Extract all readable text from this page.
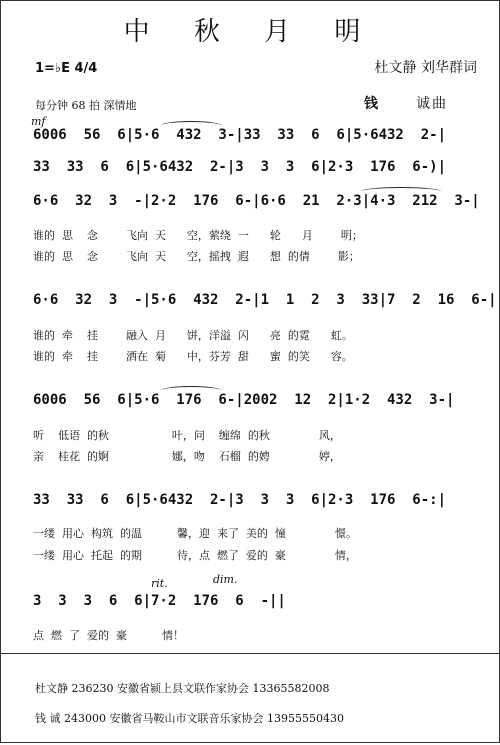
中 秋 月 明
1=♭E 4/4	杜文静 刘华群词
每分钟 68 拍 深情地	钱	诚曲
mf
6006  56  6|5·6  432  3-|33  33  6  6|5·6432  2-|
33  33  6  6|5·6432  2-|3  3  3  6|2·3  176  6-)|
6·6  32  3  -|2·2  176  6-|6·6  21  2·3|4·3  212  3-|
谁的  思    念        飞向  天      空，萦绕  一      轮      月        明；
谁的  思    念        飞向  天      空，摇拽  遐      想  的倩        影；
6·6  32  3  -|5·6  432  2-|1  1  2  3  33|7  2  16  6-|
谁的  牵    挂        融入  月      饼，洋溢  闪      亮  的霓      虹。
谁的  牵    挂        洒在  菊      中，芬芳  甜      蜜  的笑      容。
6006  56  6|5·6  176  6-|2002  12  2|1·2  432  3-|
听    低语  的秋                  叶，问    缠绵  的秋              风，
亲    桂花  的婀                  娜，吻    石榴  的娉              婷，
33  33  6  6|5·6432  2-|3  3  3  6|2·3  176  6-:|
一缕  用心  构筑  的温          馨，迎  来了  美的  憧              憬。
一缕  用心  托起  的期          待，点  燃了  爱的  豪              情，
rit.	dim.
3  3  3  6  6|7·2  176  6  -||
点  燃  了  爱的  豪          情！
杜文静 236230 安徽省颍上县文联作家协会 13365582008
钱 诚 243000 安徽省马鞍山市文联音乐家协会 13955550430
